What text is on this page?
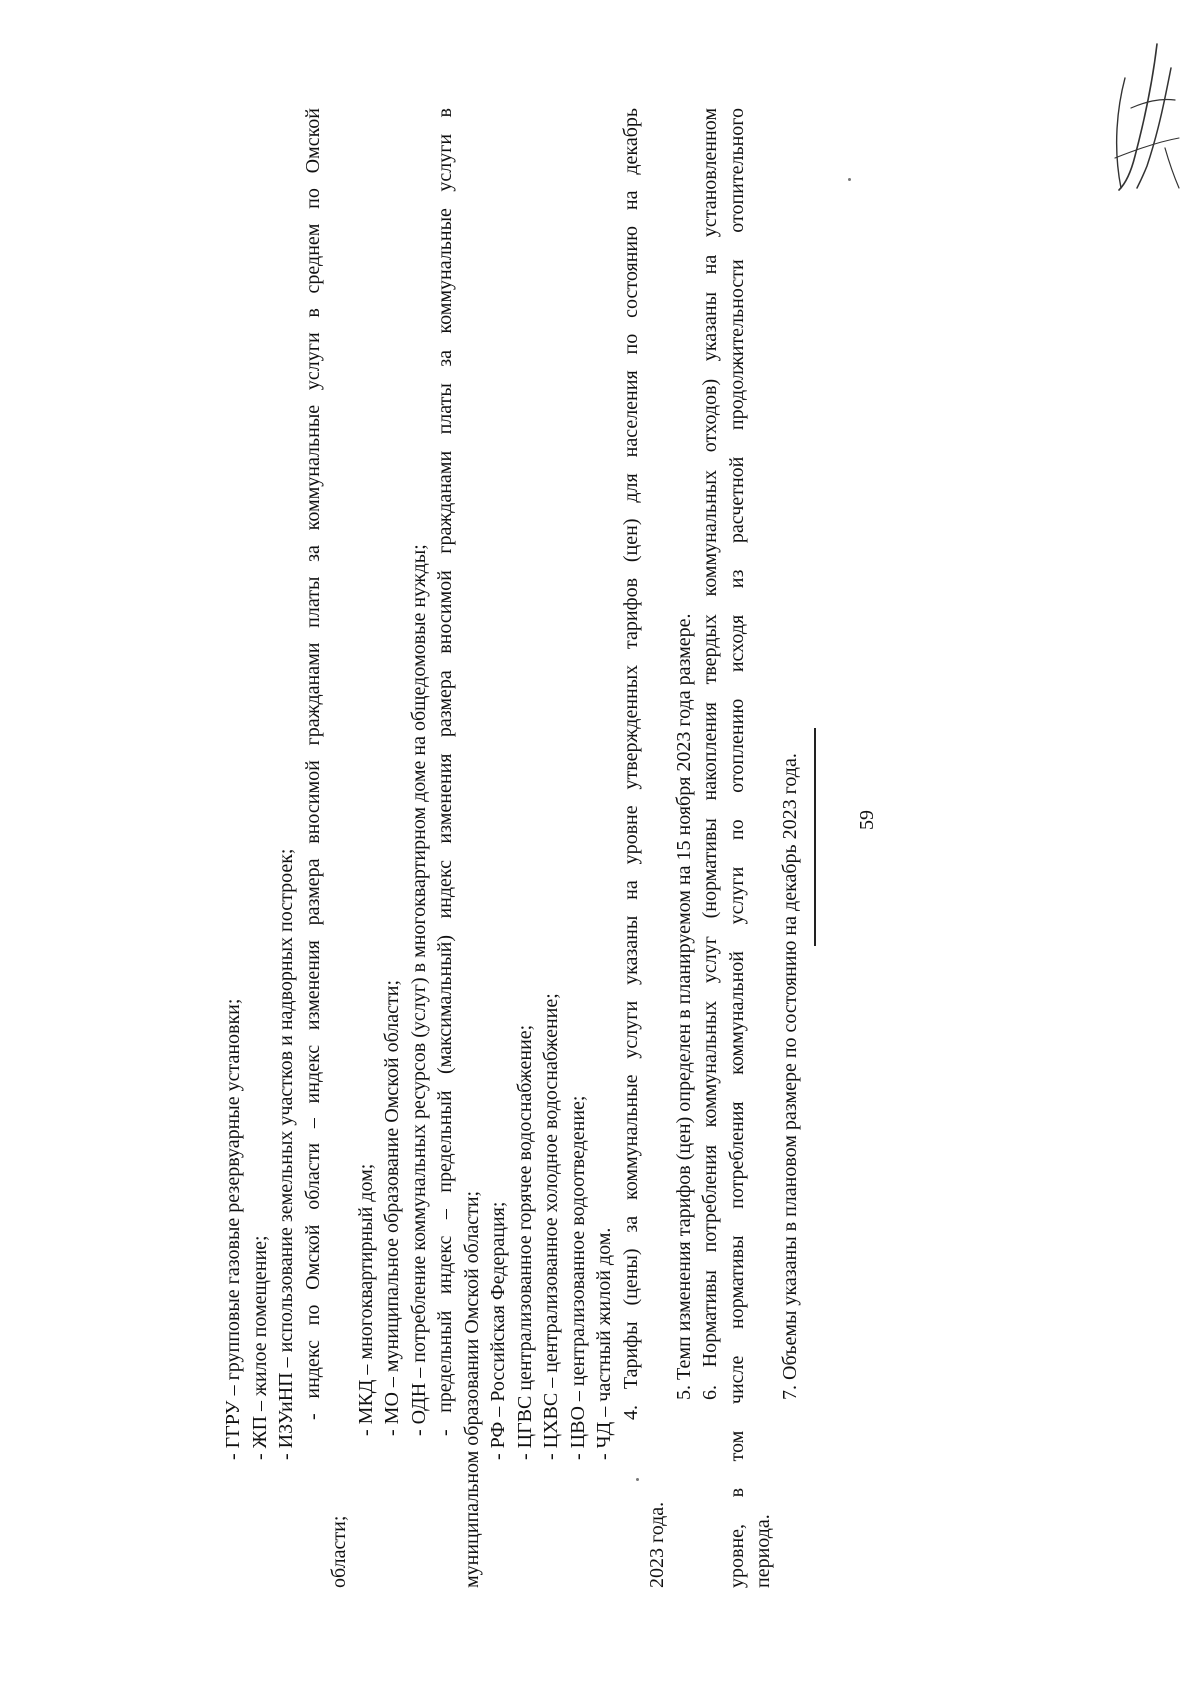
- ГГРУ – групповые газовые резервуарные установки; - ЖП – жилое помещение; - ИЗУиНП – использование земельных участков и надворных построек; - индекс по Омской области – индекс изменения размера вносимой гражданами платы за коммунальные услуги в среднем по Омской
области;
- МКД – многоквартирный дом; - МО – муниципальное образование Омской области; - ОДН – потребление коммунальных ресурсов (услуг) в многоквартирном доме на общедомовые нужды; - предельный индекс – предельный (максимальный) индекс изменения размера вносимой гражданами платы за коммунальные услуги в муниципальном образовании Омской области; - РФ – Российская Федерация; - ЦГВС централизованное горячее водоснабжение; - ЦХВС – централизованное холодное водоснабжение; - ЦВО – централизованное водоотведение; - ЧД – частный жилой дом. 4. Тарифы (цены) за коммунальные услуги указаны на уровне утвержденных тарифов (цен) для населения по состоянию на декабрь
2023 года.
5. Темп изменения тарифов (цен) определен в планируемом на 15 ноября 2023 года размере. 6. Нормативы потребления коммунальных услуг (нормативы накопления твердых коммунальных отходов) указаны на установленном уровне, в том числе нормативы потребления коммунальной услуги по отоплению исходя из расчетной продолжительности отопительного периода.
7. Объемы указаны в плановом размере по состоянию на декабрь 2023 года.	59
